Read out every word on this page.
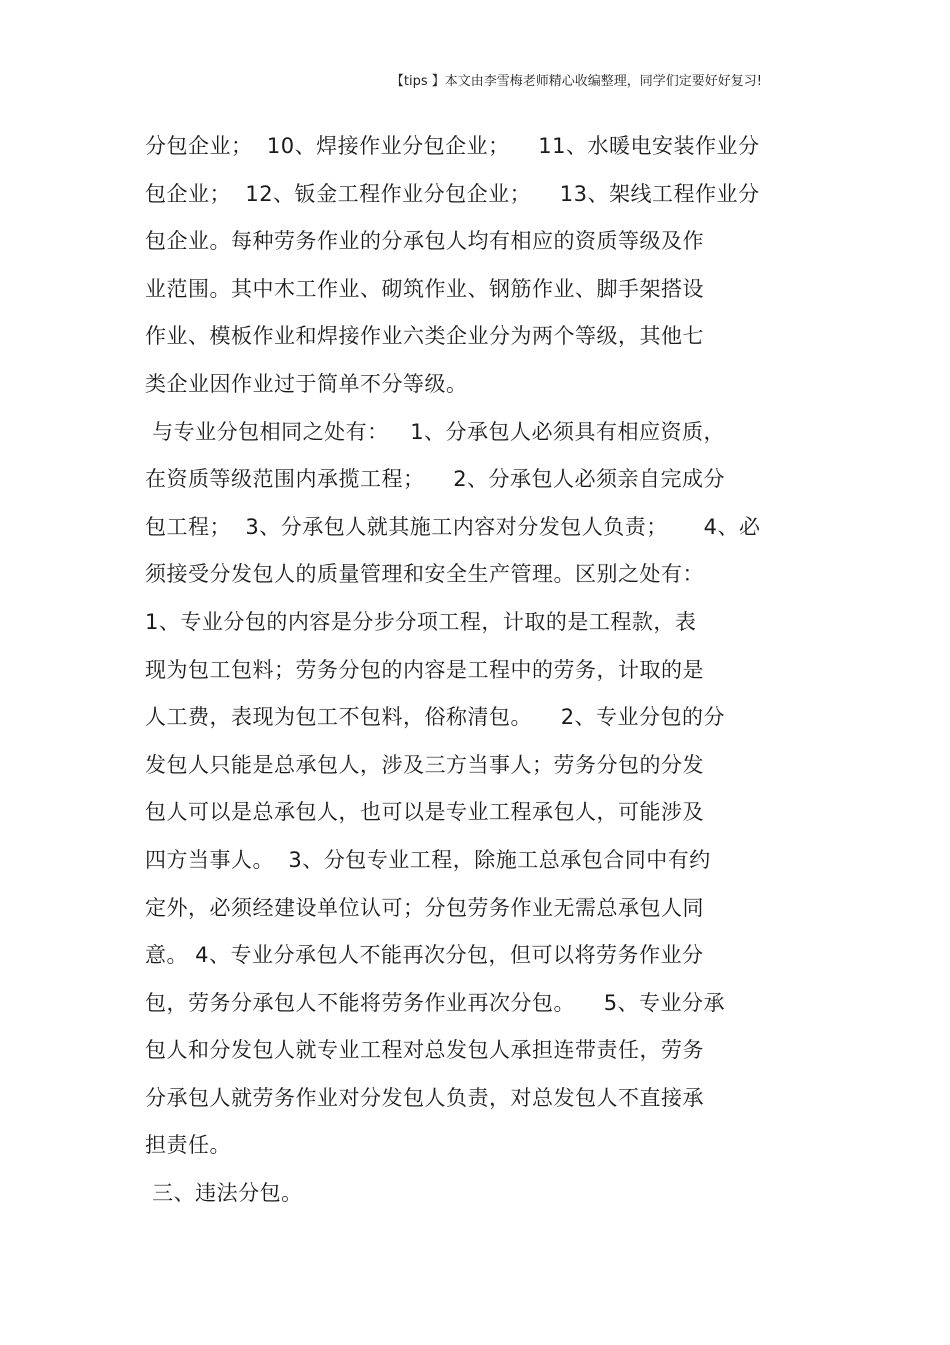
【tips 】本文由李雪梅老师精心收编整理，同学们定要好好复习!
分包企业；  10、焊接作业分包企业；    11、水暖电安装作业分
包企业；  12、钣金工程作业分包企业；    13、架线工程作业分
包企业。每种劳务作业的分承包人均有相应的资质等级及作
业范围。其中木工作业、砌筑作业、钢筋作业、脚手架搭设
作业、模板作业和焊接作业六类企业分为两个等级，其他七
类企业因作业过于简单不分等级。
与专业分包相同之处有：   1、分承包人必须具有相应资质，
在资质等级范围内承揽工程；    2、分承包人必须亲自完成分
包工程；  3、分承包人就其施工内容对分发包人负责；     4、必
须接受分发包人的质量管理和安全生产管理。区别之处有：
1、专业分包的内容是分步分项工程，计取的是工程款，表
现为包工包料；劳务分包的内容是工程中的劳务，计取的是
人工费，表现为包工不包料，俗称清包。    2、专业分包的分
发包人只能是总承包人，涉及三方当事人；劳务分包的分发
包人可以是总承包人，也可以是专业工程承包人，可能涉及
四方当事人。  3、分包专业工程，除施工总承包合同中有约
定外，必须经建设单位认可；分包劳务作业无需总承包人同
意。 4、专业分承包人不能再次分包，但可以将劳务作业分
包，劳务分承包人不能将劳务作业再次分包。    5、专业分承
包人和分发包人就专业工程对总发包人承担连带责任，劳务
分承包人就劳务作业对分发包人负责，对总发包人不直接承
担责任。
三、违法分包。
